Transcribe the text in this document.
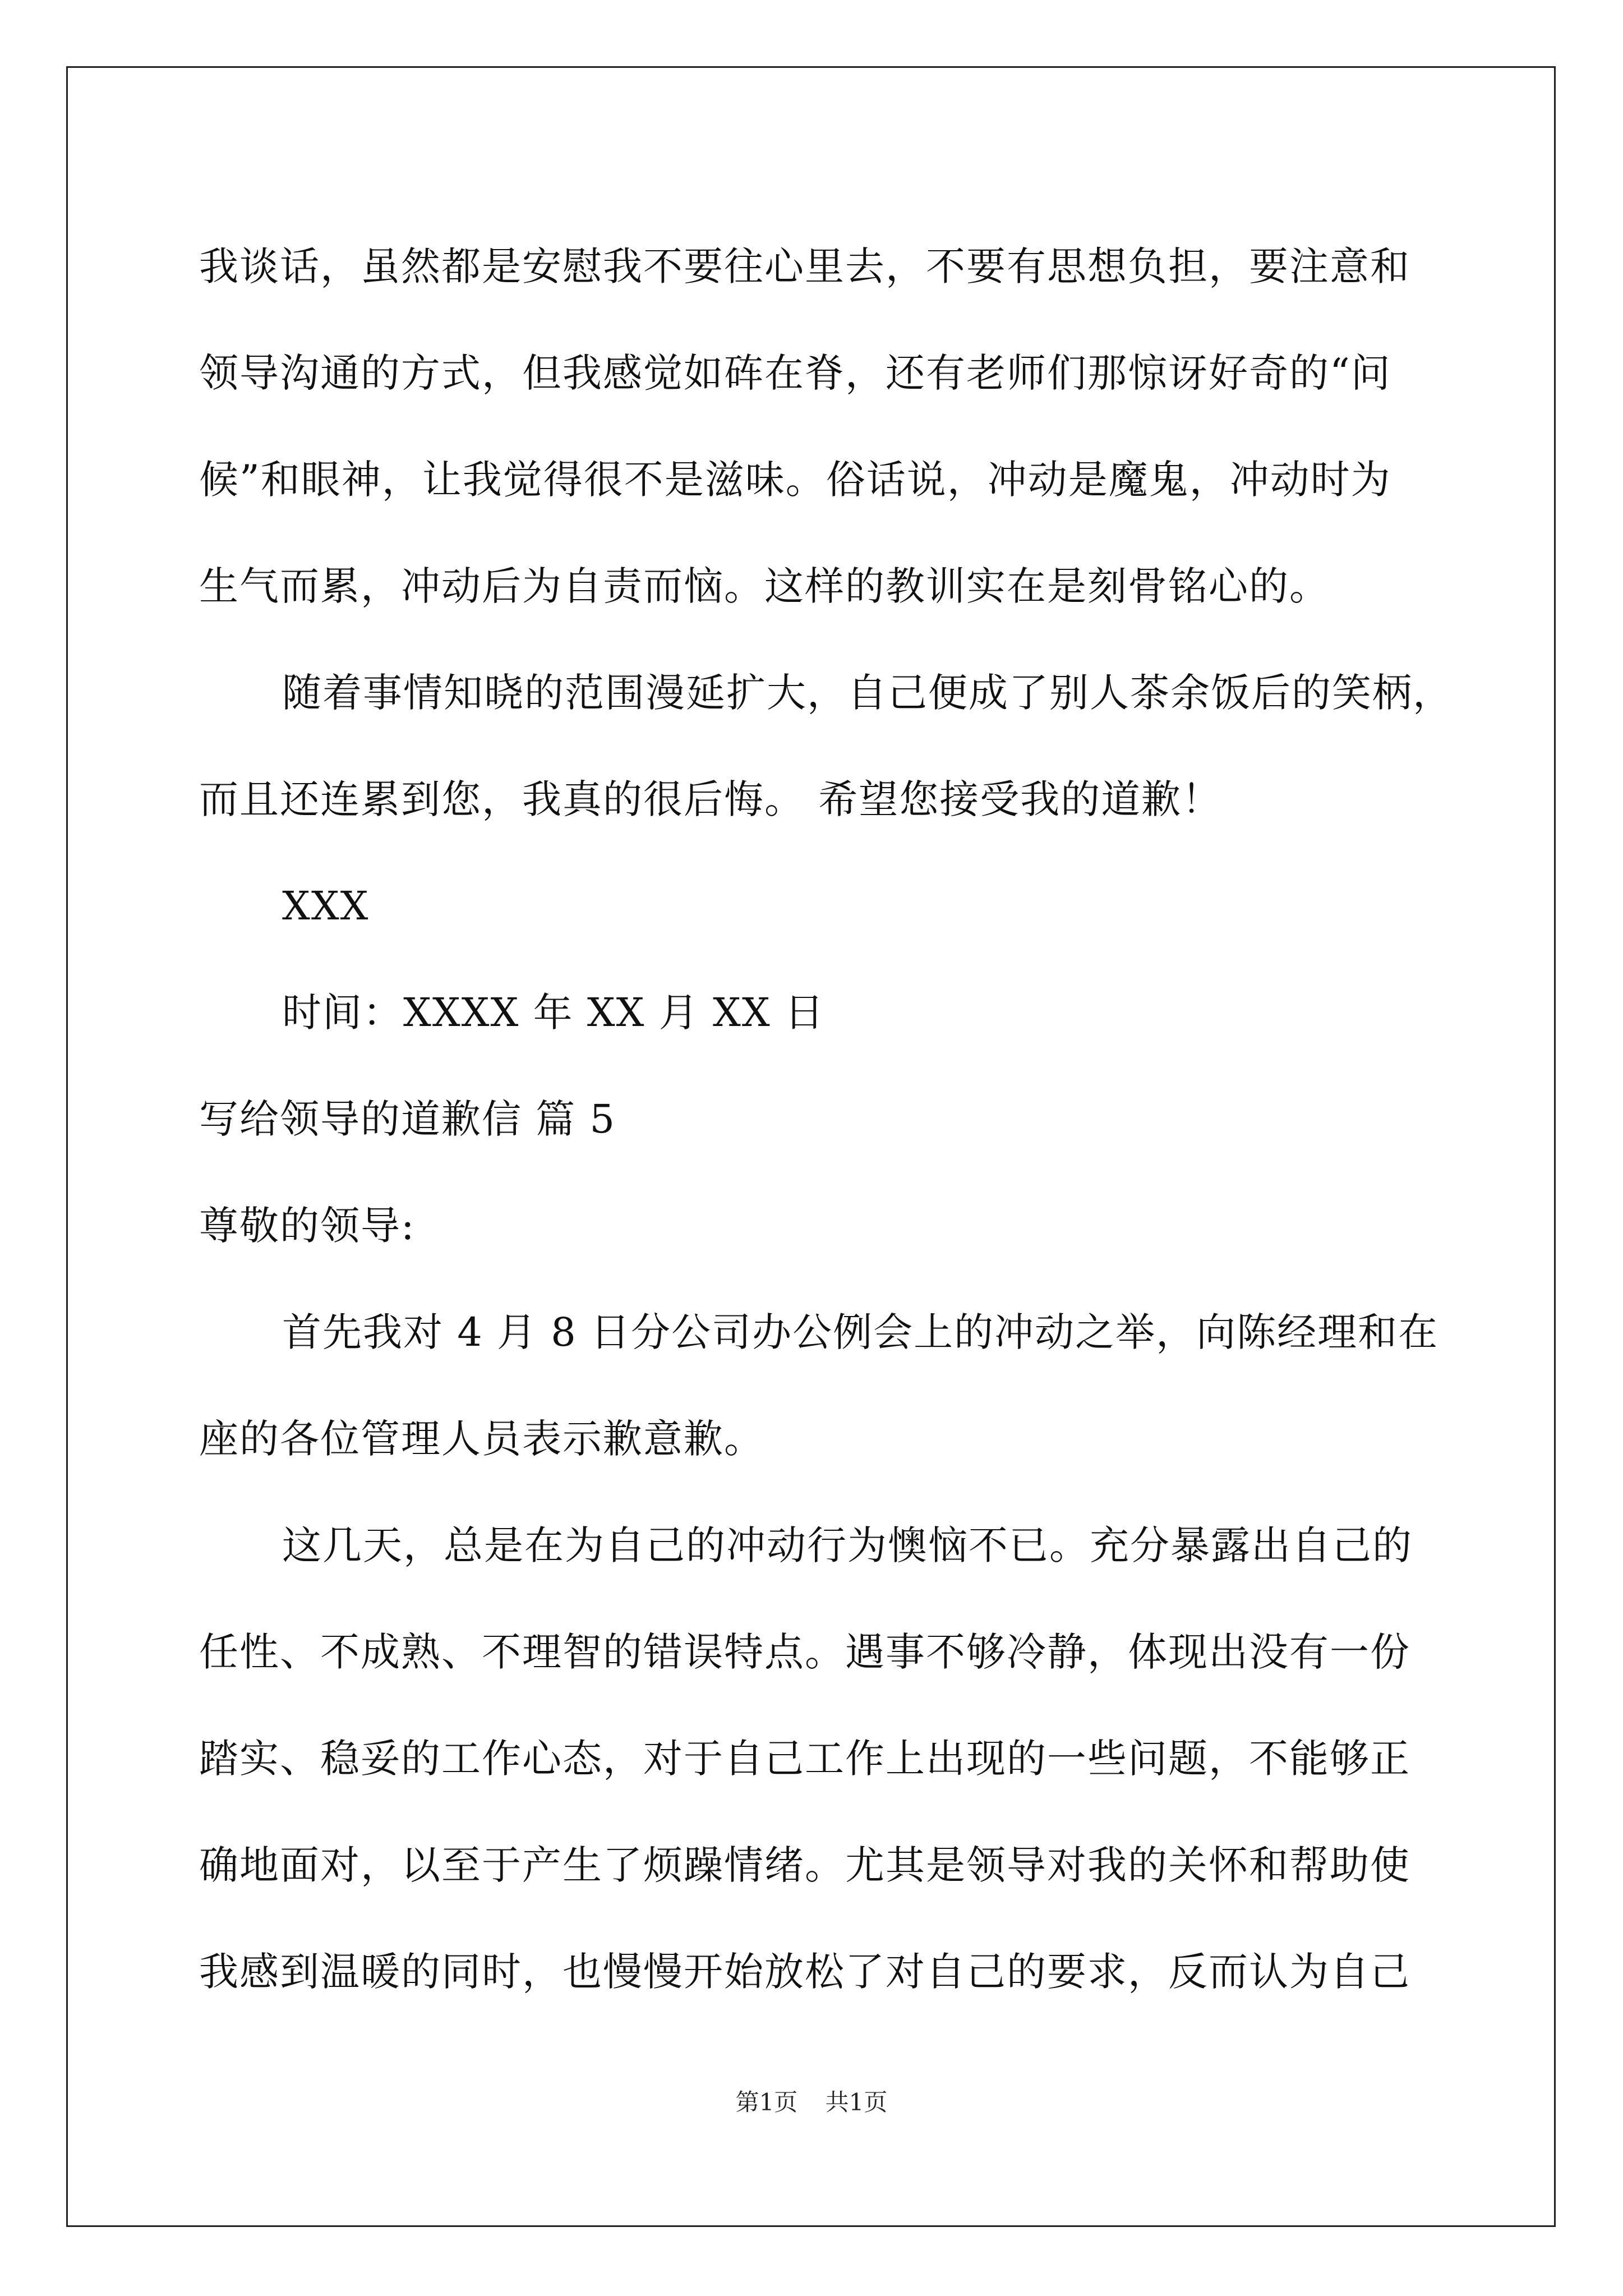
我谈话，虽然都是安慰我不要往心里去，不要有思想负担，要注意和
领导沟通的方式，但我感觉如砗在脊，还有老师们那惊讶好奇的“问
候”和眼神，让我觉得很不是滋味。俗话说，冲动是魔鬼，冲动时为
生气而累，冲动后为自责而恼。这样的教训实在是刻骨铭心的。
随着事情知晓的范围漫延扩大，自己便成了别人茶余饭后的笑柄，
而且还连累到您，我真的很后悔。 希望您接受我的道歉！
XXX
时间：XXXX 年 XX 月 XX 日
写给领导的道歉信 篇 5
尊敬的领导:
首先我对 4 月 8 日分公司办公例会上的冲动之举，向陈经理和在
座的各位管理人员表示歉意歉。
这几天，总是在为自己的冲动行为懊恼不已。充分暴露出自己的
任性、不成熟、不理智的错误特点。遇事不够冷静，体现出没有一份
踏实、稳妥的工作心态，对于自己工作上出现的一些问题，不能够正
确地面对，以至于产生了烦躁情绪。尤其是领导对我的关怀和帮助使
我感到温暖的同时，也慢慢开始放松了对自己的要求，反而认为自己
第1页 共1页
